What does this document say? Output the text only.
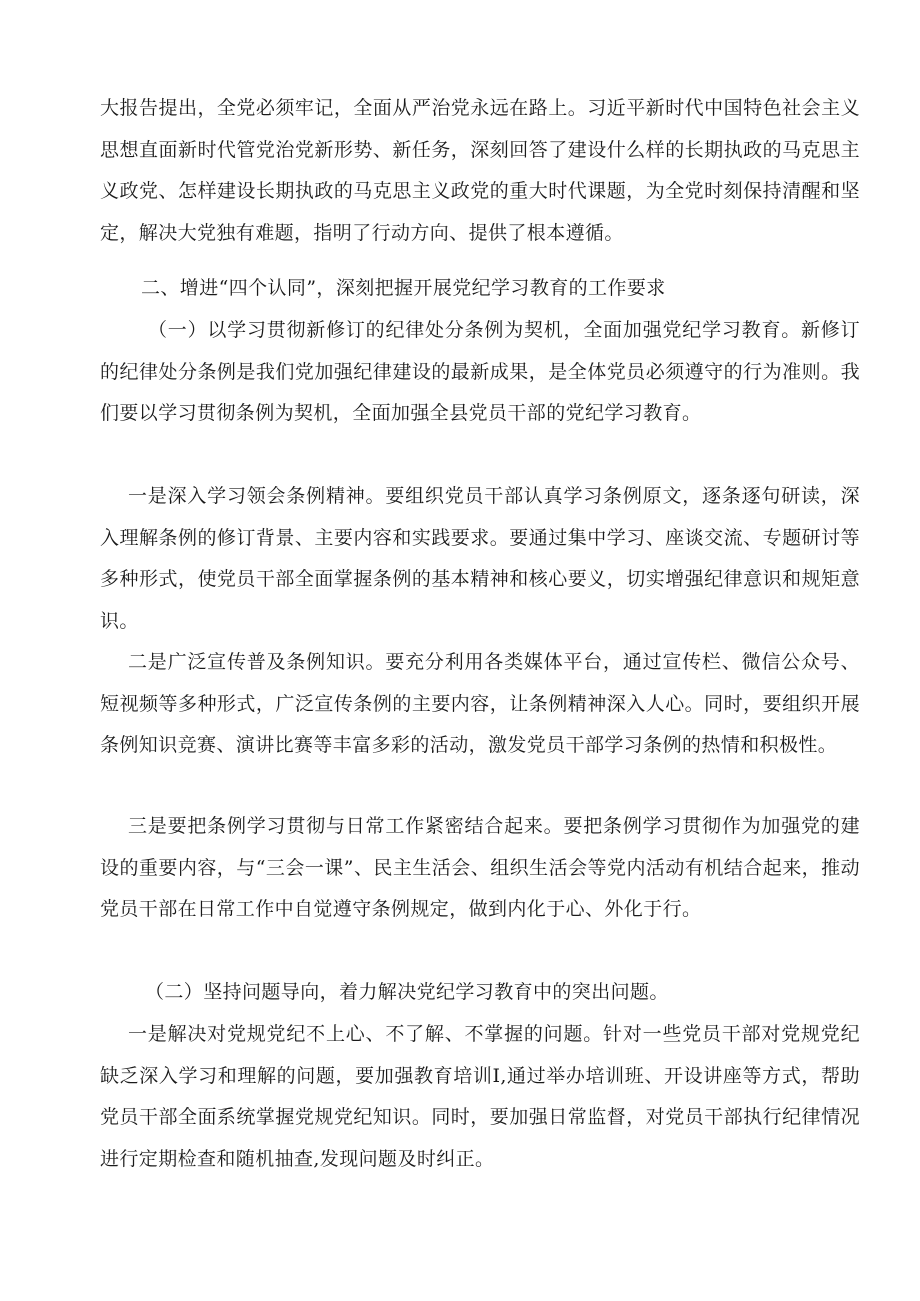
大报告提出，全党必须牢记，全面从严治党永远在路上。习近平新时代中国特色社会主义思想直面新时代管党治党新形势、新任务，深刻回答了建设什么样的长期执政的马克思主义政党、怎样建设长期执政的马克思主义政党的重大时代课题，为全党时刻保持清醒和坚定，解决大党独有难题，指明了行动方向、提供了根本遵循。

二、增进“四个认同”，深刻把握开展党纪学习教育的工作要求

（一）以学习贯彻新修订的纪律处分条例为契机，全面加强党纪学习教育。新修订的纪律处分条例是我们党加强纪律建设的最新成果，是全体党员必须遵守的行为准则。我们要以学习贯彻条例为契机，全面加强全县党员干部的党纪学习教育。

一是深入学习领会条例精神。要组织党员干部认真学习条例原文，逐条逐句研读，深入理解条例的修订背景、主要内容和实践要求。要通过集中学习、座谈交流、专题研讨等多种形式，使党员干部全面掌握条例的基本精神和核心要义，切实增强纪律意识和规矩意识。

二是广泛宣传普及条例知识。要充分利用各类媒体平台，通过宣传栏、微信公众号、短视频等多种形式，广泛宣传条例的主要内容，让条例精神深入人心。同时，要组织开展条例知识竞赛、演讲比赛等丰富多彩的活动，激发党员干部学习条例的热情和积极性。

三是要把条例学习贯彻与日常工作紧密结合起来。要把条例学习贯彻作为加强党的建设的重要内容，与“三会一课”、民主生活会、组织生活会等党内活动有机结合起来，推动党员干部在日常工作中自觉遵守条例规定，做到内化于心、外化于行。

（二）坚持问题导向，着力解决党纪学习教育中的突出问题。

一是解决对党规党纪不上心、不了解、不掌握的问题。针对一些党员干部对党规党纪缺乏深入学习和理解的问题，要加强教育培训I,通过举办培训班、开设讲座等方式，帮助党员干部全面系统掌握党规党纪知识。同时，要加强日常监督，对党员干部执行纪律情况进行定期检查和随机抽查,发现问题及时纠正。
